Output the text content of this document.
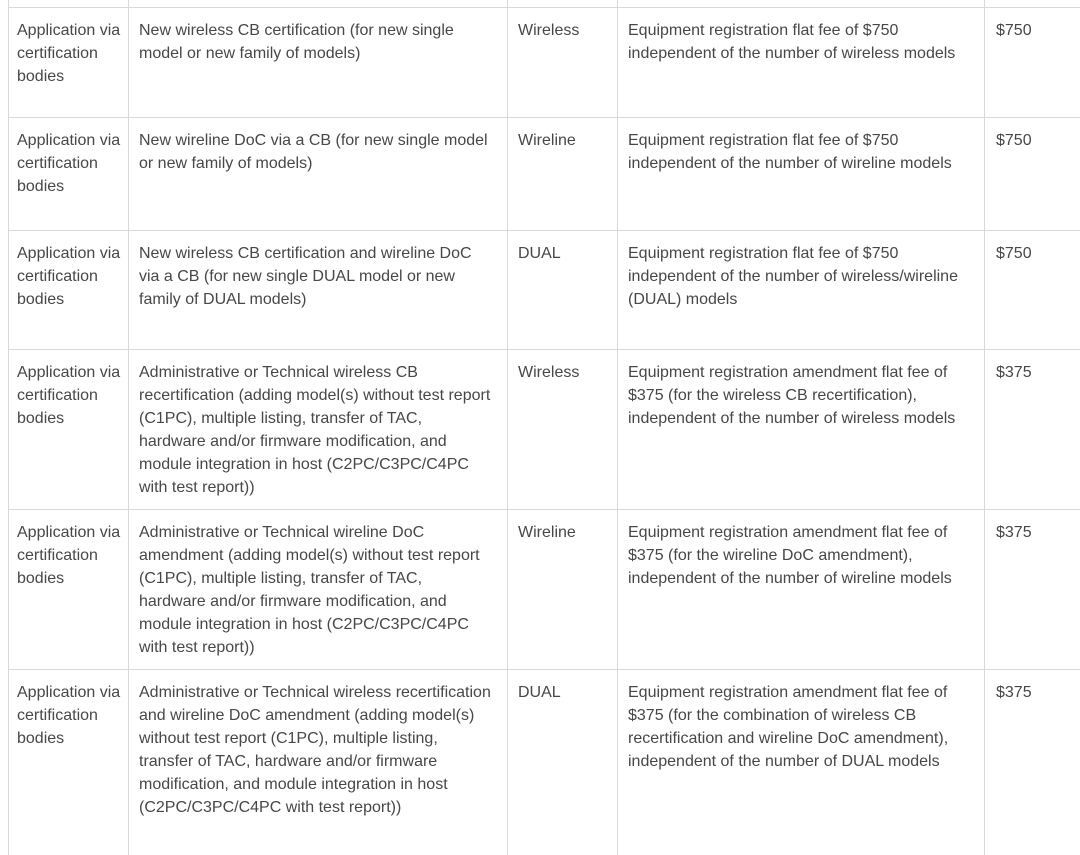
Application via certification bodies	New wireless CB certification (for new single model or new family of models)	Wireless	Equipment registration flat fee of $750 independent of the number of wireless models	$750
Application via certification bodies	New wireline DoC via a CB (for new single model or new family of models)	Wireline	Equipment registration flat fee of $750 independent of the number of wireline models	$750
Application via certification bodies	New wireless CB certification and wireline DoC via a CB (for new single DUAL model or new family of DUAL models)	DUAL	Equipment registration flat fee of $750 independent of the number of wireless/wireline (DUAL) models	$750
Application via certification bodies	Administrative or Technical wireless CB recertification (adding model(s) without test report (C1PC), multiple listing, transfer of TAC, hardware and/or firmware modification, and module integration in host (C2PC/C3PC/C4PC with test report))	Wireless	Equipment registration amendment flat fee of $375 (for the wireless CB recertification), independent of the number of wireless models	$375
Application via certification bodies	Administrative or Technical wireline DoC amendment (adding model(s) without test report (C1PC), multiple listing, transfer of TAC, hardware and/or firmware modification, and module integration in host (C2PC/C3PC/C4PC with test report))	Wireline	Equipment registration amendment flat fee of $375 (for the wireline DoC amendment), independent of the number of wireline models	$375
Application via certification bodies	Administrative or Technical wireless recertification and wireline DoC amendment (adding model(s) without test report (C1PC), multiple listing, transfer of TAC, hardware and/or firmware modification, and module integration in host (C2PC/C3PC/C4PC with test report))	DUAL	Equipment registration amendment flat fee of $375 (for the combination of wireless CB recertification and wireline DoC amendment), independent of the number of DUAL models	$375
